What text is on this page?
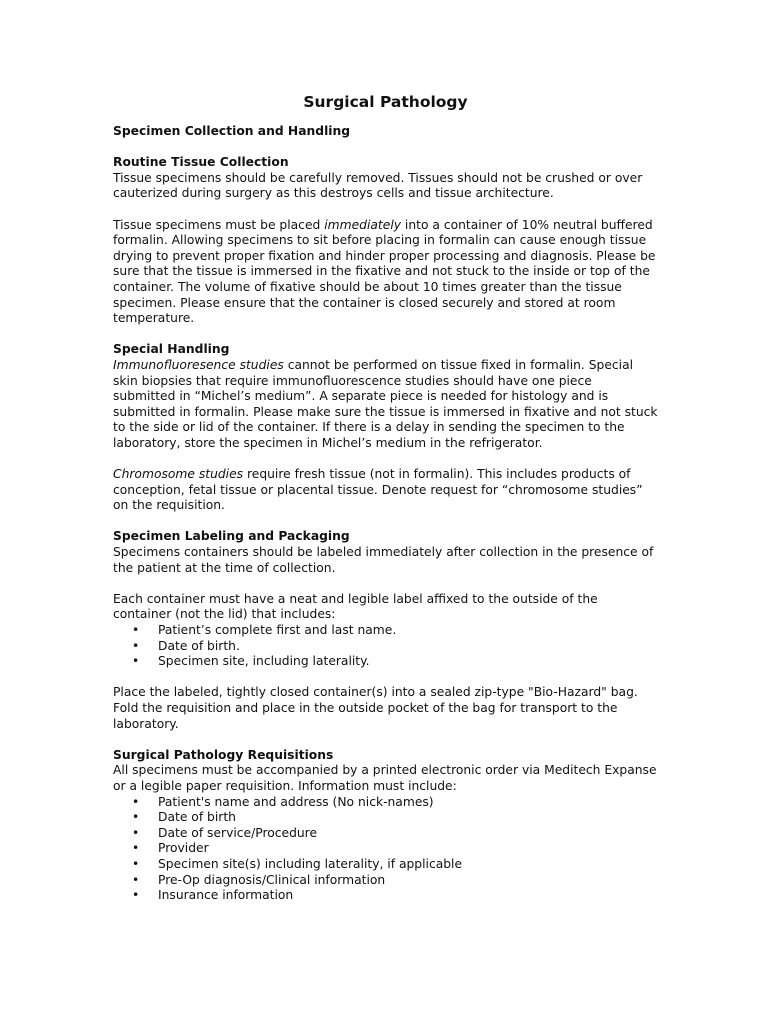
Surgical Pathology
Specimen Collection and Handling
Routine Tissue Collection

Tissue specimens should be carefully removed. Tissues should not be crushed or over cauterized during surgery as this destroys cells and tissue architecture.

Tissue specimens must be placed immediately into a container of 10% neutral buffered formalin. Allowing specimens to sit before placing in formalin can cause enough tissue drying to prevent proper fixation and hinder proper processing and diagnosis. Please be sure that the tissue is immersed in the fixative and not stuck to the inside or top of the container. The volume of fixative should be about 10 times greater than the tissue specimen. Please ensure that the container is closed securely and stored at room temperature.

Special Handling

Immunofluoresence studies cannot be performed on tissue fixed in formalin. Special skin biopsies that require immunofluorescence studies should have one piece submitted in “Michel’s medium”. A separate piece is needed for histology and is submitted in formalin. Please make sure the tissue is immersed in fixative and not stuck to the side or lid of the container. If there is a delay in sending the specimen to the laboratory, store the specimen in Michel’s medium in the refrigerator.

Chromosome studies require fresh tissue (not in formalin). This includes products of conception, fetal tissue or placental tissue. Denote request for “chromosome studies” on the requisition.

Specimen Labeling and Packaging

Specimens containers should be labeled immediately after collection in the presence of the patient at the time of collection.

Each container must have a neat and legible label affixed to the outside of the container (not the lid) that includes:

• Patient’s complete first and last name.
• Date of birth.
• Specimen site, including laterality.

Place the labeled, tightly closed container(s) into a sealed zip-type "Bio-Hazard" bag. Fold the requisition and place in the outside pocket of the bag for transport to the laboratory.

Surgical Pathology Requisitions

All specimens must be accompanied by a printed electronic order via Meditech Expanse or a legible paper requisition. Information must include:

• Patient's name and address (No nick-names)
• Date of birth
• Date of service/Procedure
• Provider
• Specimen site(s) including laterality, if applicable
• Pre-Op diagnosis/Clinical information
• Insurance information
